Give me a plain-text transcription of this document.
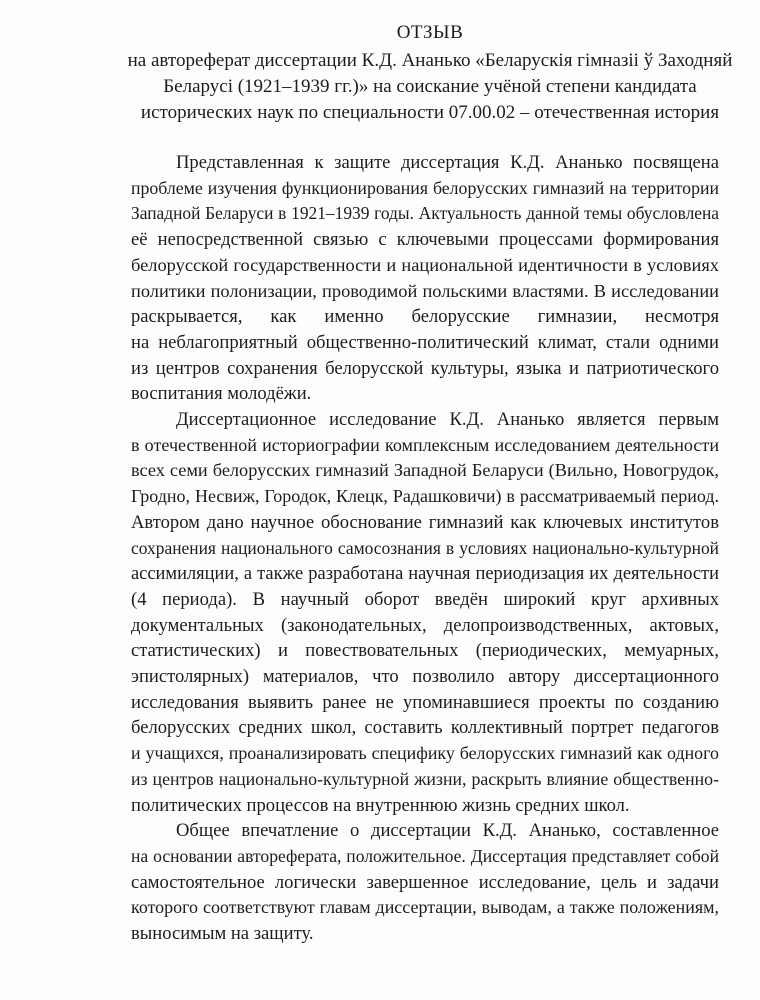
ОТЗЫВ
на автореферат диссертации К.Д. Ананько «Беларускія гімназіі ў Заходняй
Беларусі (1921–1939 гг.)» на соискание учёной степени кандидата
исторических наук по специальности 07.00.02 – отечественная история

Представленная к защите диссертация К.Д. Ананько посвящена
проблеме изучения функционирования белорусских гимназий на территории
Западной Беларуси в 1921–1939 годы. Актуальность данной темы обусловлена
её непосредственной связью с ключевыми процессами формирования
белорусской государственности и национальной идентичности в условиях
политики полонизации, проводимой польскими властями. В исследовании
раскрывается, как именно белорусские гимназии, несмотря
на неблагоприятный общественно-политический климат, стали одними
из центров сохранения белорусской культуры, языка и патриотического
воспитания молодёжи.

Диссертационное исследование К.Д. Ананько является первым
в отечественной историографии комплексным исследованием деятельности
всех семи белорусских гимназий Западной Беларуси (Вильно, Новогрудок,
Гродно, Несвиж, Городок, Клецк, Радашковичи) в рассматриваемый период.
Автором дано научное обоснование гимназий как ключевых институтов
сохранения национального самосознания в условиях национально-культурной
ассимиляции, а также разработана научная периодизация их деятельности
(4 периода). В научный оборот введён широкий круг архивных
документальных (законодательных, делопроизводственных, актовых,
статистических) и повествовательных (периодических, мемуарных,
эпистолярных) материалов, что позволило автору диссертационного
исследования выявить ранее не упоминавшиеся проекты по созданию
белорусских средних школ, составить коллективный портрет педагогов
и учащихся, проанализировать специфику белорусских гимназий как одного
из центров национально-культурной жизни, раскрыть влияние общественно-
политических процессов на внутреннюю жизнь средних школ.

Общее впечатление о диссертации К.Д. Ананько, составленное
на основании автореферата, положительное. Диссертация представляет собой
самостоятельное логически завершенное исследование, цель и задачи
которого соответствуют главам диссертации, выводам, а также положениям,
выносимым на защиту.
